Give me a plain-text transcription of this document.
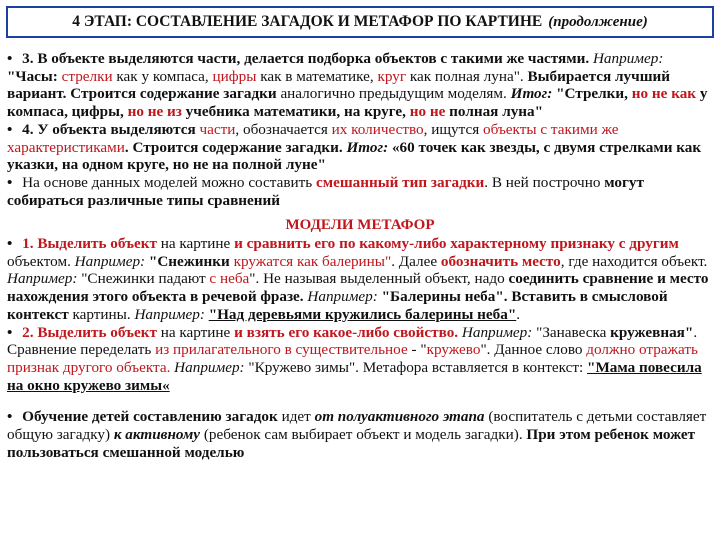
4 ЭТАП: СОСТАВЛЕНИЕ ЗАГАДОК И МЕТАФОР ПО КАРТИНЕ (продолжение)

• 3. В объекте выделяются части, делается подборка объектов с такими же частями. Например: "Часы: стрелки как у компаса, цифры как в математике, круг как полная луна". Выбирается лучший вариант. Строится содержание загадки аналогично предыдущим моделям. Итог: "Стрелки, но не как у компаса, цифры, но не из учебника математики, на круге, но не полная луна"

• 4. У объекта выделяются части, обозначается их количество, ищутся объекты с такими же характеристиками. Строится содержание загадки. Итог: «60 точек как звезды, с двумя стрелками как указки, на одном круге, но не на полной луне"

• На основе данных моделей можно составить смешанный тип загадки. В ней построчно могут собираться различные типы сравнений

МОДЕЛИ МЕТАФОР

• 1. Выделить объект на картине и сравнить его по какому-либо характерному признаку с другим объектом. Например: "Снежинки кружатся как балерины". Далее обозначить место, где находится объект. Например: "Снежинки падают с неба". Не называя выделенный объект, надо соединить сравнение и место нахождения этого объекта в речевой фразе. Например: "Балерины неба". Вставить в смысловой контекст картины. Например: "Над деревьями кружились балерины неба".

• 2. Выделить объект на картине и взять его какое-либо свойство. Например: "Занавеска кружевная". Сравнение переделать из прилагательного в существительное - "кружево". Данное слово должно отражать признак другого объекта. Например: "Кружево зимы". Метафора вставляется в контекст: "Мама повесила на окно кружево зимы«

• Обучение детей составлению загадок идет от полуактивного этапа (воспитатель с детьми составляет общую загадку) к активному (ребенок сам выбирает объект и модель загадки). При этом ребенок может пользоваться смешанной моделью
